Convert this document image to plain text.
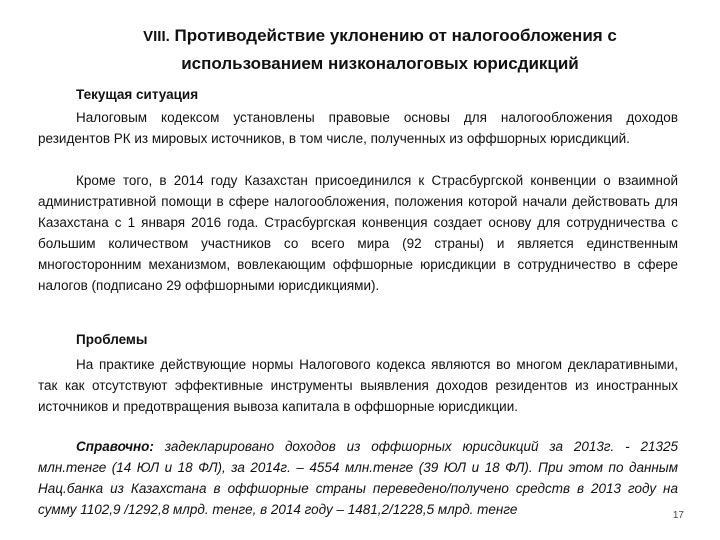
VIII. Противодействие уклонению от налогообложения с
использованием низконалоговых юрисдикций
Текущая ситуация

Налоговым кодексом установлены правовые основы для налогообложения доходов резидентов РК из мировых источников, в том числе, полученных из оффшорных юрисдикций.

Кроме того, в 2014 году Казахстан присоединился к Страсбургской конвенции о взаимной административной помощи в сфере налогообложения, положения которой начали действовать для Казахстана с 1 января 2016 года. Страсбургская конвенция создает основу для сотрудничества с большим количеством участников со всего мира (92 страны) и является единственным многосторонним механизмом, вовлекающим оффшорные юрисдикции в сотрудничество в сфере налогов (подписано 29 оффшорными юрисдикциями).

Проблемы

На практике действующие нормы Налогового кодекса являются во многом декларативными, так как отсутствуют эффективные инструменты выявления доходов резидентов из иностранных источников и предотвращения вывоза капитала в оффшорные юрисдикции.

Справочно: задекларировано доходов из оффшорных юрисдикций за 2013г. - 21325 млн.тенге (14 ЮЛ и 18 ФЛ), за 2014г. – 4554 млн.тенге (39 ЮЛ и 18 ФЛ). При этом по данным Нац.банка из Казахстана в оффшорные страны переведено/получено средств в 2013 году на сумму 1102,9 /1292,8 млрд. тенге, в 2014 году – 1481,2/1228,5 млрд. тенге	17
